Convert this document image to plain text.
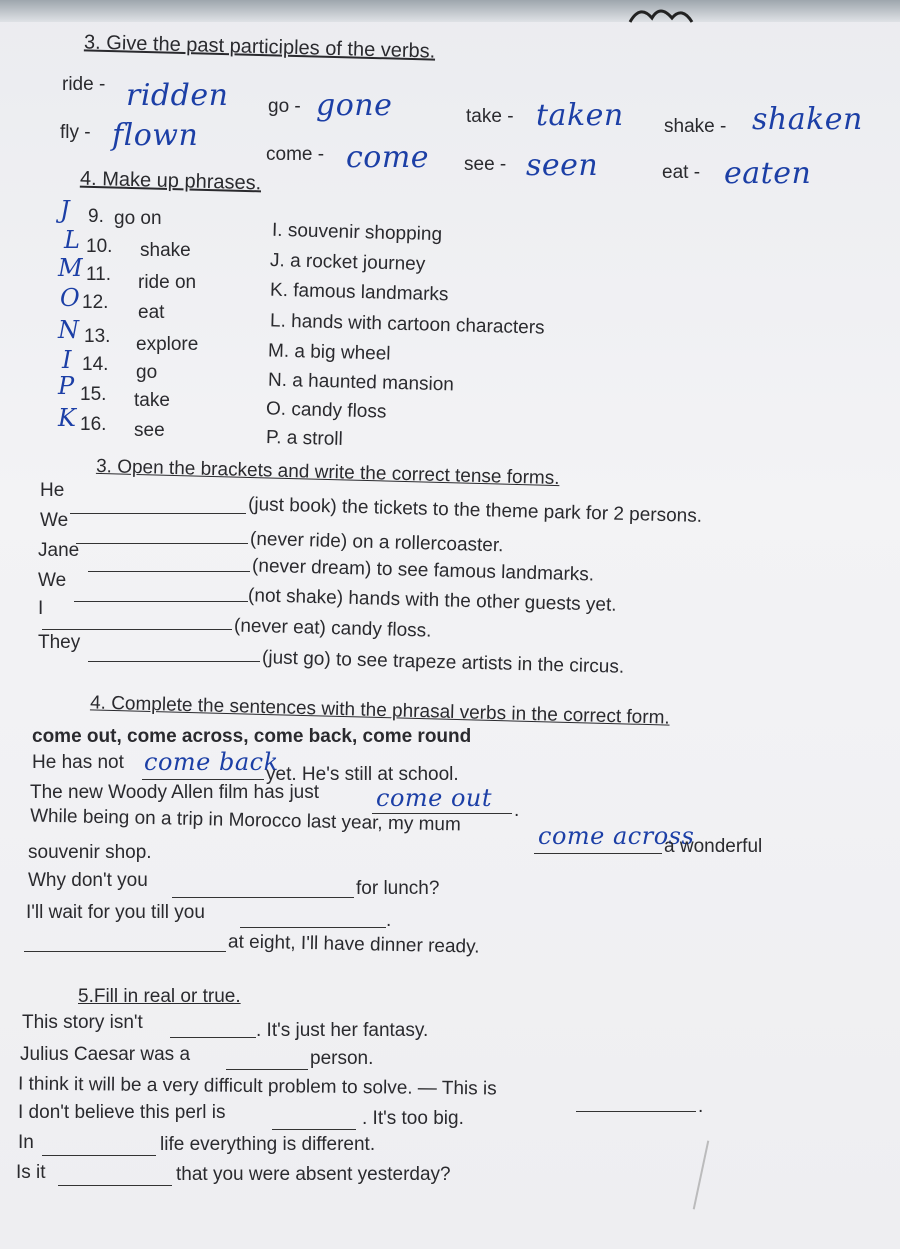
3. Give the past participles of the verbs.
ride - ridden go - gone	take - taken shake - shaken
fly - flown
come - come see - seen	eat - eaten
4. Make up phrases.
J 9. go on
L 10. shake
M 11. ride on
O 12. eat
N 13. explore
I 14. go
P 15. take
K 16. see
I. souvenir shopping
J. a rocket journey
K. famous landmarks
L. hands with cartoon characters
M. a big wheel
N. a haunted mansion
O. candy floss
P. a stroll
3. Open the brackets and write the correct tense forms.
He
(just book) the tickets to the theme park for 2 persons.
We
(never ride) on a rollercoaster.
Jane
(never dream) to see famous landmarks.
We
(not shake) hands with the other guests yet.
I
(never eat) candy floss.
They
(just go) to see trapeze artists in the circus.
4. Complete the sentences with the phrasal verbs in the correct form.
come out, come across, come back, come round
He has not come back
yet. He's still at school.
The new Woody Allen film has just come out .
While being on a trip in Morocco last year, my mum
come across
a wonderful
souvenir shop.
Why don't you	for lunch?
I'll wait for you till you	.
at eight, I'll have dinner ready.
5.Fill in real or true.
This story isn't	. It's just her fantasy.
Julius Caesar was a	person.
I think it will be a very difficult problem to solve. — This is
.
I don't believe this perl is	. It's too big.
In	life everything is different.
Is it	that you were absent yesterday?
